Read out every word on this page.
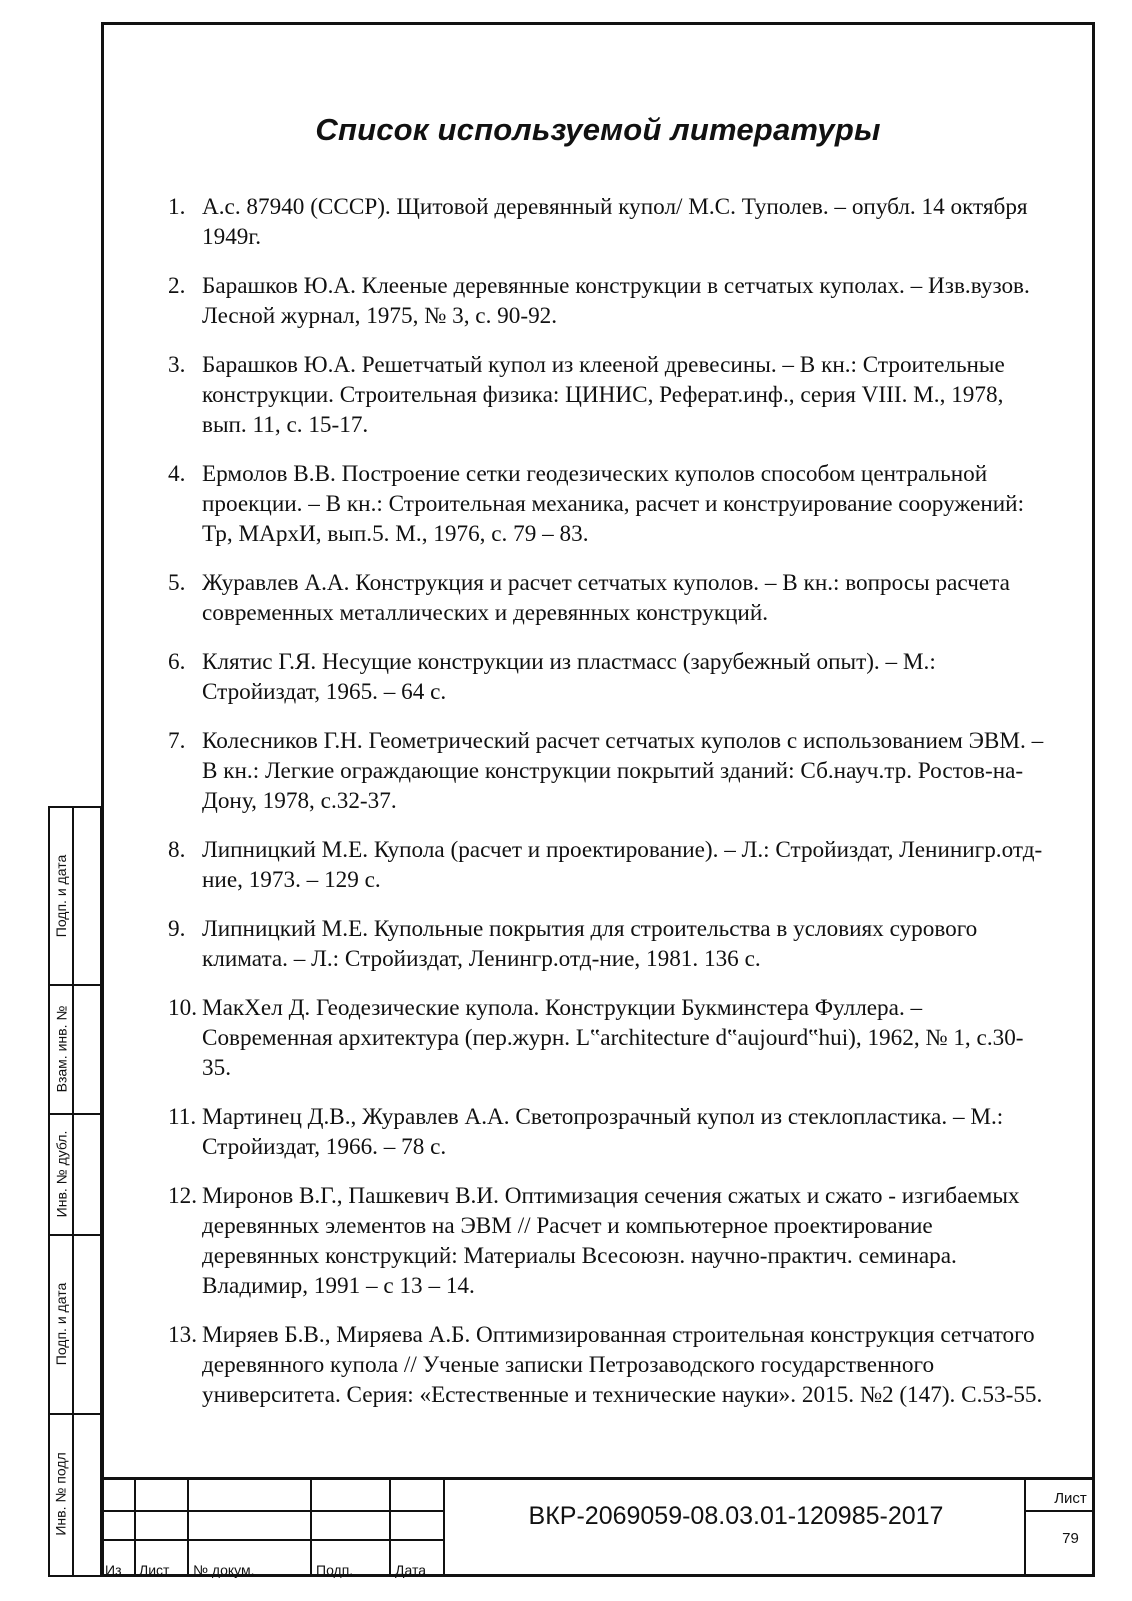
Список используемой литературы
1. А.с. 87940 (СССР). Щитовой деревянный купол/ М.С. Туполев. – опубл. 14 октября 1949г.
2. Барашков Ю.А. Клееные деревянные конструкции в сетчатых куполах. – Изв.вузов. Лесной журнал, 1975, № 3, с. 90-92.
3. Барашков Ю.А. Решетчатый купол из клееной древесины. – В кн.: Строительные конструкции. Строительная физика: ЦИНИС, Реферат.инф., серия VIII. М., 1978, вып. 11, с. 15-17.
4. Ермолов В.В. Построение сетки геодезических куполов способом центральной проекции. – В кн.: Строительная механика, расчет и конструирование сооружений: Тр, МАрхИ, вып.5. М., 1976, с. 79 – 83.
5. Журавлев А.А. Конструкция и расчет сетчатых куполов. – В кн.: вопросы расчета современных металлических и деревянных конструкций.
6. Клятис Г.Я. Несущие конструкции из пластмасс (зарубежный опыт). – М.: Стройиздат, 1965. – 64 с.
7. Колесников Г.Н. Геометрический расчет сетчатых куполов с использованием ЭВМ. – В кн.: Легкие ограждающие конструкции покрытий зданий: Сб.науч.тр. Ростов-на-Дону, 1978, с.32-37.
8. Липницкий М.Е. Купола (расчет и проектирование). – Л.: Стройиздат, Ленинигр.отд-ние, 1973. – 129 с.
9. Липницкий М.Е. Купольные покрытия для строительства в условиях сурового климата. – Л.: Стройиздат, Ленингр.отд-ние, 1981. 136 с.
10. МакХел Д. Геодезические купола. Конструкции Букминстера Фуллера. – Современная архитектура (пер.журн. L‟architecture d‟aujourd‟hui), 1962, № 1, с.30-35.
11. Мартинец Д.В., Журавлев А.А. Светопрозрачный купол из стеклопластика. – М.: Стройиздат, 1966. – 78 с.
12. Миронов В.Г., Пашкевич В.И. Оптимизация сечения сжатых и сжато - изгибаемых деревянных элементов на ЭВМ // Расчет и компьютерное проектирование деревянных конструкций: Материалы Всесоюзн. научно-практич. семинара. Владимир, 1991 – с 13 – 14.
13. Миряев Б.В., Миряева А.Б. Оптимизированная строительная конструкция сетчатого деревянного купола // Ученые записки Петрозаводского государственного университета. Серия: «Естественные и технические науки». 2015. №2 (147). С.53-55.
Подп. и дата
Взам. инв. №
Инв. № дубл.
Подп. и дата
Инв. № подл
Из Лист № докум.	Подп.	Дата
ВКР-2069059-08.03.01-120985-2017
Лист
79
